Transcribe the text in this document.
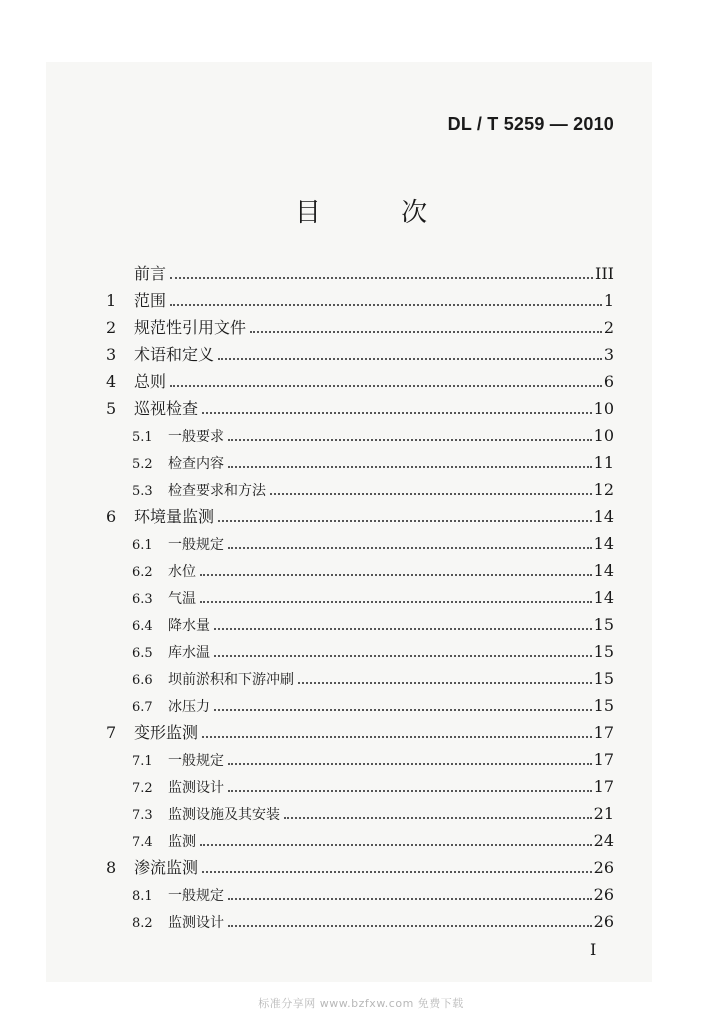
DL / T 5259 — 2010
目 次
前言	III
1	范围	1
2	规范性引用文件	2
3	术语和定义	3
4	总则	6
5	巡视检查	10
5.1	一般要求	10
5.2	检查内容	11
5.3	检查要求和方法	12
6	环境量监测	14
6.1	一般规定	14
6.2	水位	14
6.3	气温	14
6.4	降水量	15
6.5	库水温	15
6.6	坝前淤积和下游冲刷	15
6.7	冰压力	15
7	变形监测	17
7.1	一般规定	17
7.2	监测设计	17
7.3	监测设施及其安装	21
7.4	监测	24
8	渗流监测	26
8.1	一般规定	26
8.2	监测设计	26
I
标准分享网 www.bzfxw.com 免费下载
